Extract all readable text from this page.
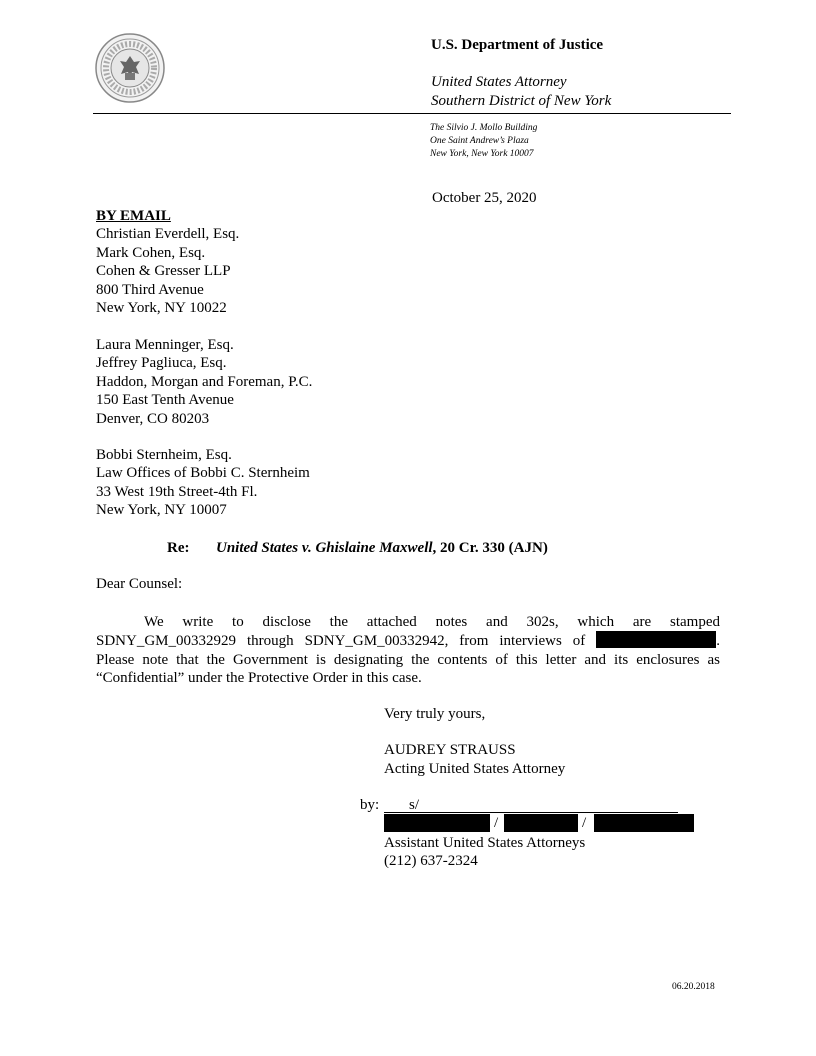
U.S. Department of Justice
United States Attorney
Southern District of New York
The Silvio J. Mollo Building
One Saint Andrew’s Plaza
New York, New York 10007
October 25, 2020
BY EMAIL
Christian Everdell, Esq.
Mark Cohen, Esq.
Cohen & Gresser LLP
800 Third Avenue
New York, NY 10022
Laura Menninger, Esq.
Jeffrey Pagliuca, Esq.
Haddon, Morgan and Foreman, P.C.
150 East Tenth Avenue
Denver, CO 80203
Bobbi Sternheim, Esq.
Law Offices of Bobbi C. Sternheim
33 West 19th Street-4th Fl.
New York, NY 10007
Re: United States v. Ghislaine Maxwell, 20 Cr. 330 (AJN)
Dear Counsel:
We write to disclose the attached notes and 302s, which are stamped
SDNY_GM_00332929 through SDNY_GM_00332942, from interviews of	.
Please note that the Government is designating the contents of this letter and its enclosures as “Confidential” under the Protective Order in this case.
Very truly yours,
AUDREY STRAUSS
Acting United States Attorney
by: s/
/	/
Assistant United States Attorneys
(212) 637-2324
06.20.2018
